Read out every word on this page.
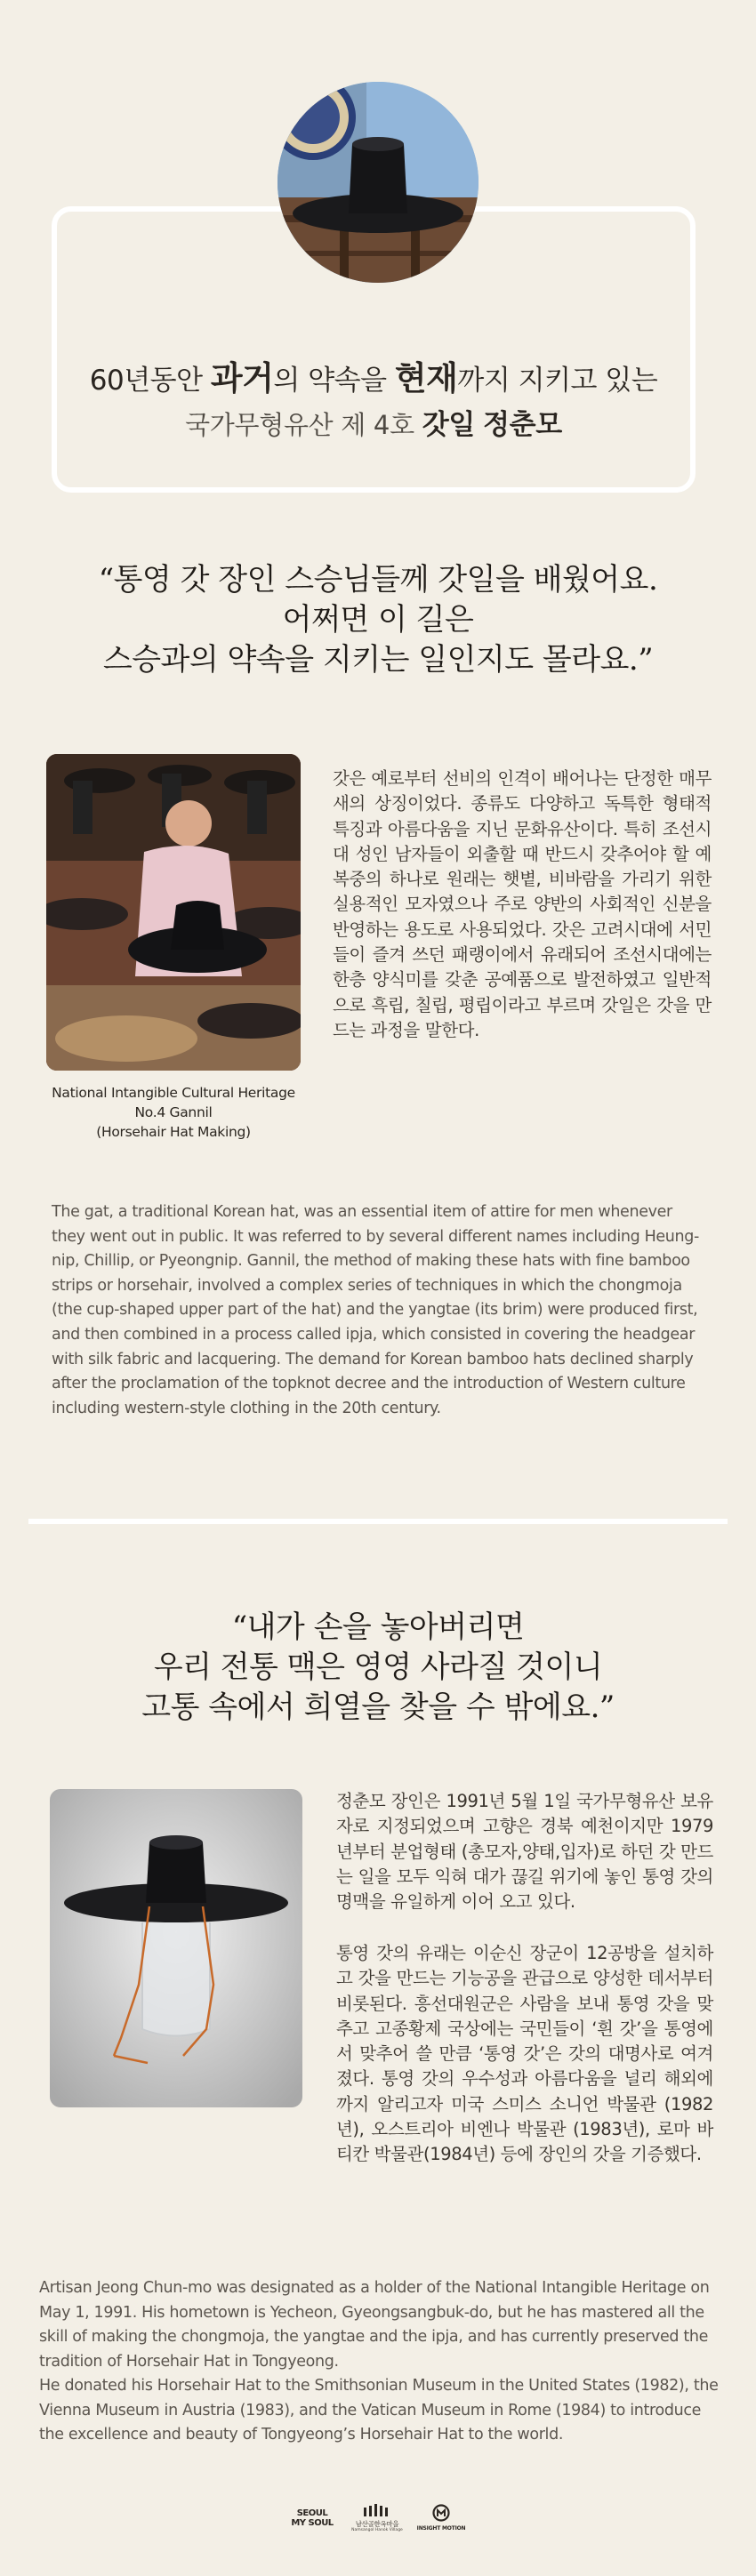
60년동안 과거의 약속을 현재까지 지키고 있는
국가무형유산 제 4호 갓일 정춘모
“통영 갓 장인 스승님들께 갓일을 배웠어요.
어쩌면 이 길은
스승과의 약속을 지키는 일인지도 몰라요.”
National Intangible Cultural Heritage
No.4 Gannil
(Horsehair Hat Making)
갓은 예로부터 선비의 인격이 배어나는 단정한 매무새의 상징이었다. 종류도 다양하고 독특한 형태적 특징과 아름다움을 지닌 문화유산이다. 특히 조선시대 성인 남자들이 외출할 때 반드시 갖추어야 할 예복중의 하나로 원래는 햇볕, 비바람을 가리기 위한 실용적인 모자였으나 주로 양반의 사회적인 신분을 반영하는 용도로 사용되었다. 갓은 고려시대에 서민들이 즐겨 쓰던 패랭이에서 유래되어 조선시대에는 한층 양식미를 갖춘 공예품으로 발전하였고 일반적으로 흑립, 칠립, 평립이라고 부르며 갓일은 갓을 만드는 과정을 말한다.
The gat, a traditional Korean hat, was an essential item of attire for men whenever they went out in public. It was referred to by several different names including Heung-nip, Chillip, or Pyeongnip. Gannil, the method of making these hats with fine bamboo strips or horsehair, involved a complex series of techniques in which the chongmoja (the cup-shaped upper part of the hat) and the yangtae (its brim) were produced first, and then combined in a process called ipja, which consisted in covering the headgear with silk fabric and lacquering. The demand for Korean bamboo hats declined sharply after the proclamation of the topknot decree and the introduction of Western culture including western-style clothing in the 20th century.
“내가 손을 놓아버리면
우리 전통 맥은 영영 사라질 것이니
고통 속에서 희열을 찾을 수 밖에요.”
정춘모 장인은 1991년 5월 1일 국가무형유산 보유자로 지정되었으며 고향은 경북 예천이지만 1979년부터 분업형태 (총모자,양태,입자)로 하던 갓 만드는 일을 모두 익혀 대가 끊길 위기에 놓인 통영 갓의 명맥을 유일하게 이어 오고 있다.
통영 갓의 유래는 이순신 장군이 12공방을 설치하고 갓을 만드는 기능공을 관급으로 양성한 데서부터 비롯된다. 흥선대원군은 사람을 보내 통영 갓을 맞추고 고종황제 국상에는 국민들이 ‘흰 갓’을 통영에서 맞추어 쓸 만큼 ‘통영 갓’은 갓의 대명사로 여겨졌다. 통영 갓의 우수성과 아름다움을 널리 해외에까지 알리고자 미국 스미스 소니언 박물관 (1982년), 오스트리아 비엔나 박물관 (1983년), 로마 바티칸 박물관(1984년) 등에 장인의 갓을 기증했다.
Artisan Jeong Chun-mo was designated as a holder of the National Intangible Heritage on May 1, 1991. His hometown is Yecheon, Gyeongsangbuk-do, but he has mastered all the skill of making the chongmoja, the yangtae and the ipja, and has currently preserved the tradition of Horsehair Hat in Tongyeong.
He donated his Horsehair Hat to the Smithsonian Museum in the United States (1982), the Vienna Museum in Austria (1983), and the Vatican Museum in Rome (1984) to introduce the excellence and beauty of Tongyeong’s Horsehair Hat to the world.
SEOUL
MY SOUL	남산골한옥마을
Namsangol Hanok Village	INSIGHT MOTION
